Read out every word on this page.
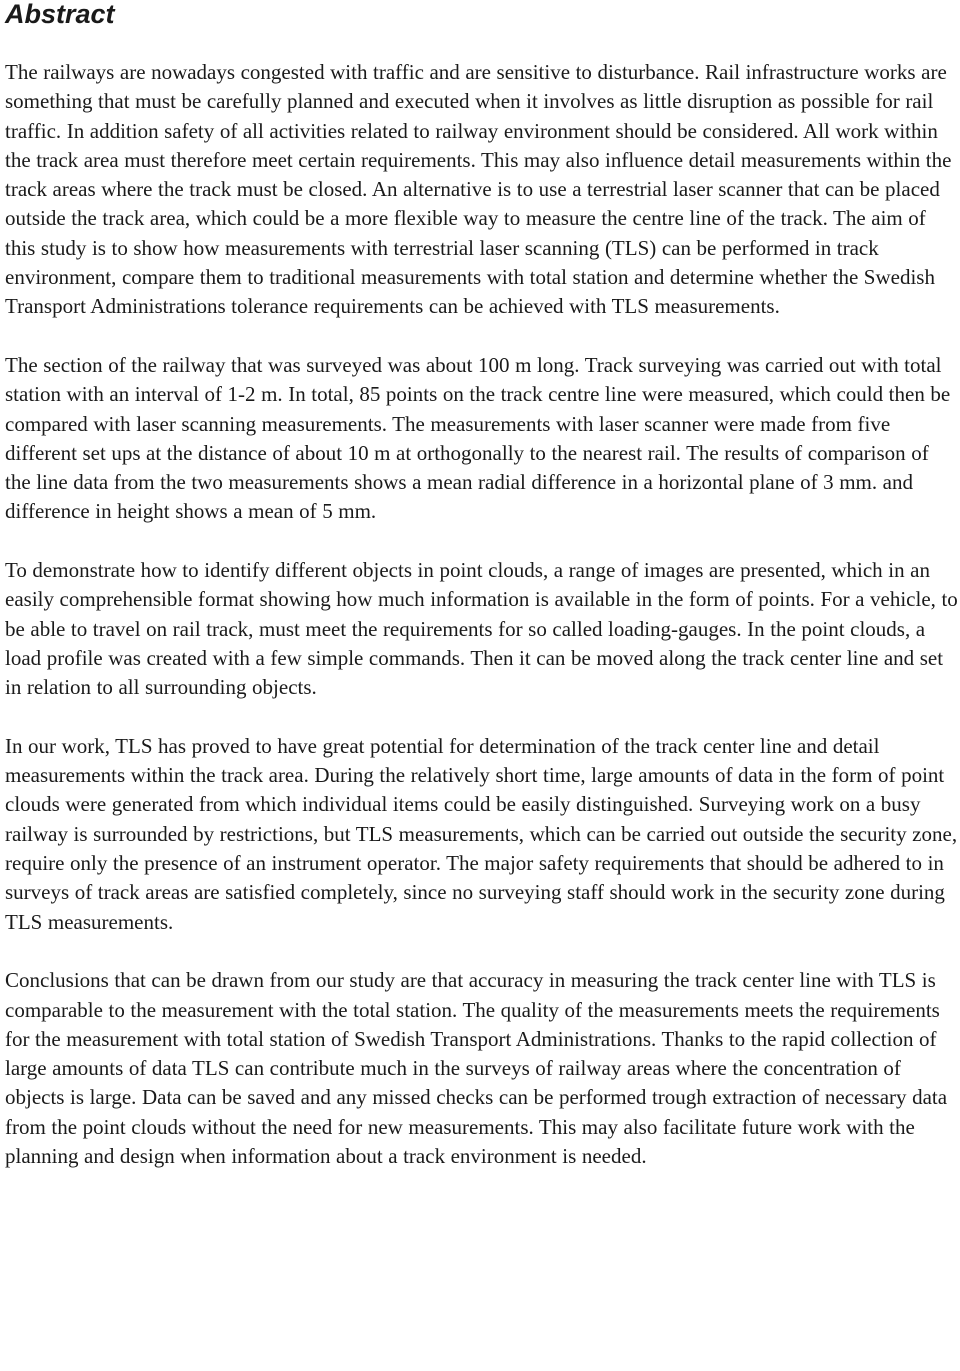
Abstract

The railways are nowadays congested with traffic and are sensitive to disturbance. Rail infrastructure works are something that must be carefully planned and executed when it involves as little disruption as possible for rail traffic. In addition safety of all activities related to railway environment should be considered. All work within the track area must therefore meet certain requirements. This may also influence detail measurements within the track areas where the track must be closed. An alternative is to use a terrestrial laser scanner that can be placed outside the track area, which could be a more flexible way to measure the centre line of the track. The aim of this study is to show how measurements with terrestrial laser scanning (TLS) can be performed in track environment, compare them to traditional measurements with total station and determine whether the Swedish Transport Administrations tolerance requirements can be achieved with TLS measurements.

The section of the railway that was surveyed was about 100 m long. Track surveying was carried out with total station with an interval of 1-2 m. In total, 85 points on the track centre line were measured, which could then be compared with laser scanning measurements. The measurements with laser scanner were made from five different set ups at the distance of about 10 m at orthogonally to the nearest rail. The results of comparison of the line data from the two measurements shows a mean radial difference in a horizontal plane of 3 mm. and difference in height shows a mean of 5 mm.

To demonstrate how to identify different objects in point clouds, a range of images are presented, which in an easily comprehensible format showing how much information is available in the form of points. For a vehicle, to be able to travel on rail track, must meet the requirements for so called loading-gauges. In the point clouds, a load profile was created with a few simple commands. Then it can be moved along the track center line and set in relation to all surrounding objects.

In our work, TLS has proved to have great potential for determination of the track center line and detail measurements within the track area. During the relatively short time, large amounts of data in the form of point clouds were generated from which individual items could be easily distinguished. Surveying work on a busy railway is surrounded by restrictions, but TLS measurements, which can be carried out outside the security zone, require only the presence of an instrument operator. The major safety requirements that should be adhered to in surveys of track areas are satisfied completely, since no surveying staff should work in the security zone during TLS measurements.

Conclusions that can be drawn from our study are that accuracy in measuring the track center line with TLS is comparable to the measurement with the total station. The quality of the measurements meets the requirements for the measurement with total station of Swedish Transport Administrations. Thanks to the rapid collection of large amounts of data TLS can contribute much in the surveys of railway areas where the concentration of objects is large. Data can be saved and any missed checks can be performed trough extraction of necessary data from the point clouds without the need for new measurements. This may also facilitate future work with the planning and design when information about a track environment is needed.
